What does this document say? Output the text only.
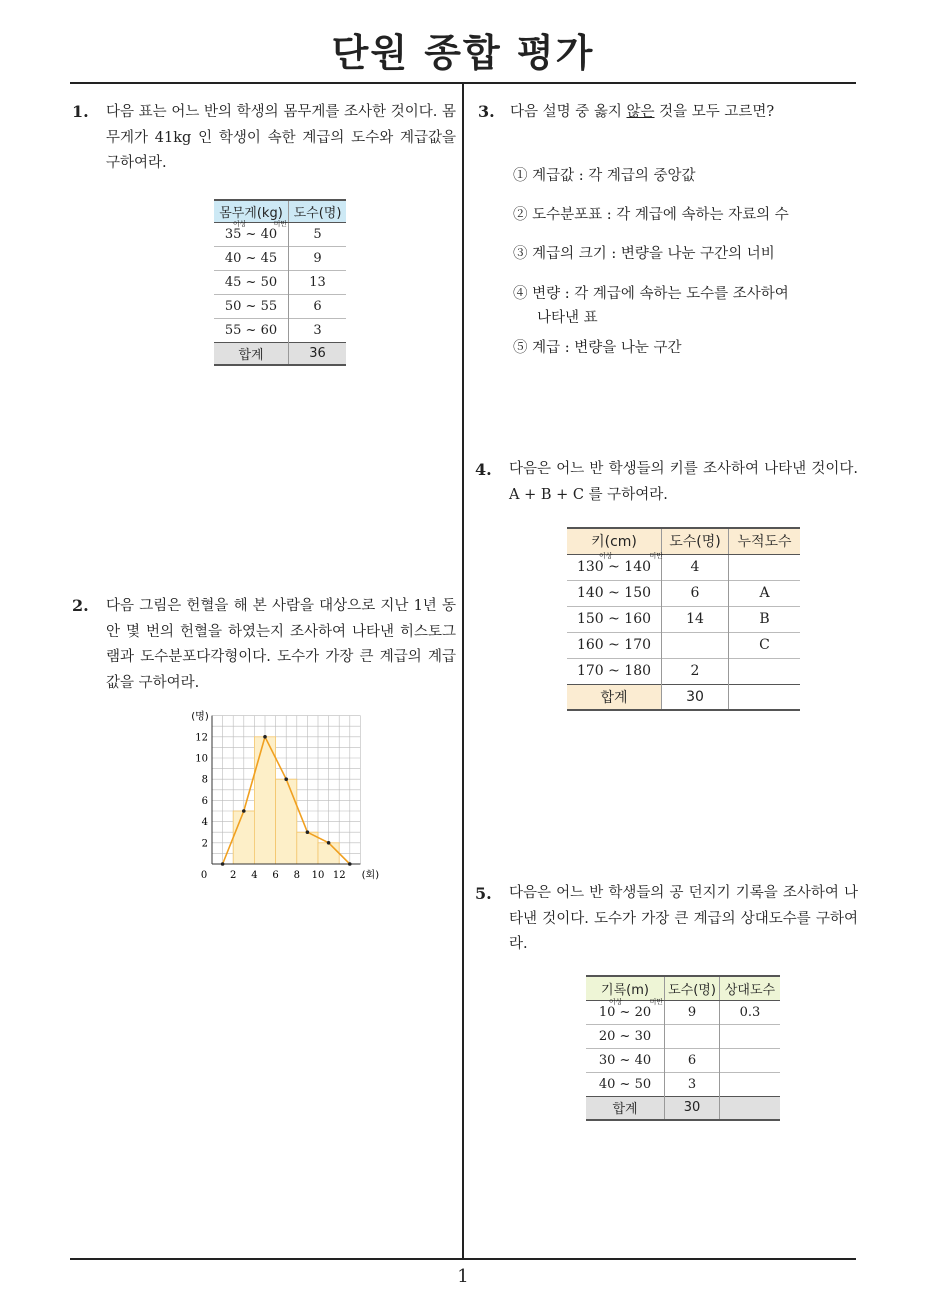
단원 종합 평가
1
1. 다음 표는 어느 반의 학생의 몸무게를 조사한 것이다. 몸무게가 41kg 인 학생이 속한 계급의 도수와 계급값을 구하여라.
몸무게(kg)	도수(명)

이상 미만
35 ~ 40	5
40 ~ 45	9
45 ~ 50	13
50 ~ 55	6
55 ~ 60	3
합계	36
2. 다음 그림은 헌혈을 해 본 사람을 대상으로 지난 1년 동안 몇 번의 헌혈을 하였는지 조사하여 나타낸 히스토그램과 도수분포다각형이다. 도수가 가장 큰 계급의 계급값을 구하여라.
0 2 4 6 8 10 12
2
4
6
8
10
12
(명)
(회)
3. 다음 설명 중 옳지 않은 것을 모두 고르면?
① 계급값 : 각 계급의 중앙값
② 도수분포표 : 각 계급에 속하는 자료의 수
③ 계급의 크기 : 변량을 나눈 구간의 너비
④ 변량 : 각 계급에 속하는 도수를 조사하여
나타낸 표
⑤ 계급 : 변량을 나눈 구간
4. 다음은 어느 반 학생들의 키를 조사하여 나타낸 것이다. A + B + C 를 구하여라.
키(cm)	도수(명)	누적도수

이상 미만
130 ~ 140	4	
140 ~ 150	6	A
150 ~ 160	14	B
160 ~ 170		C
170 ~ 180	2	
합계	30	
5. 다음은 어느 반 학생들의 공 던지기 기록을 조사하여 나타낸 것이다. 도수가 가장 큰 계급의 상대도수를 구하여라.
기록(m)	도수(명)	상대도수

이상 미만
10 ~ 20	9	0.3
20 ~ 30		
30 ~ 40	6	
40 ~ 50	3	
합계	30	
